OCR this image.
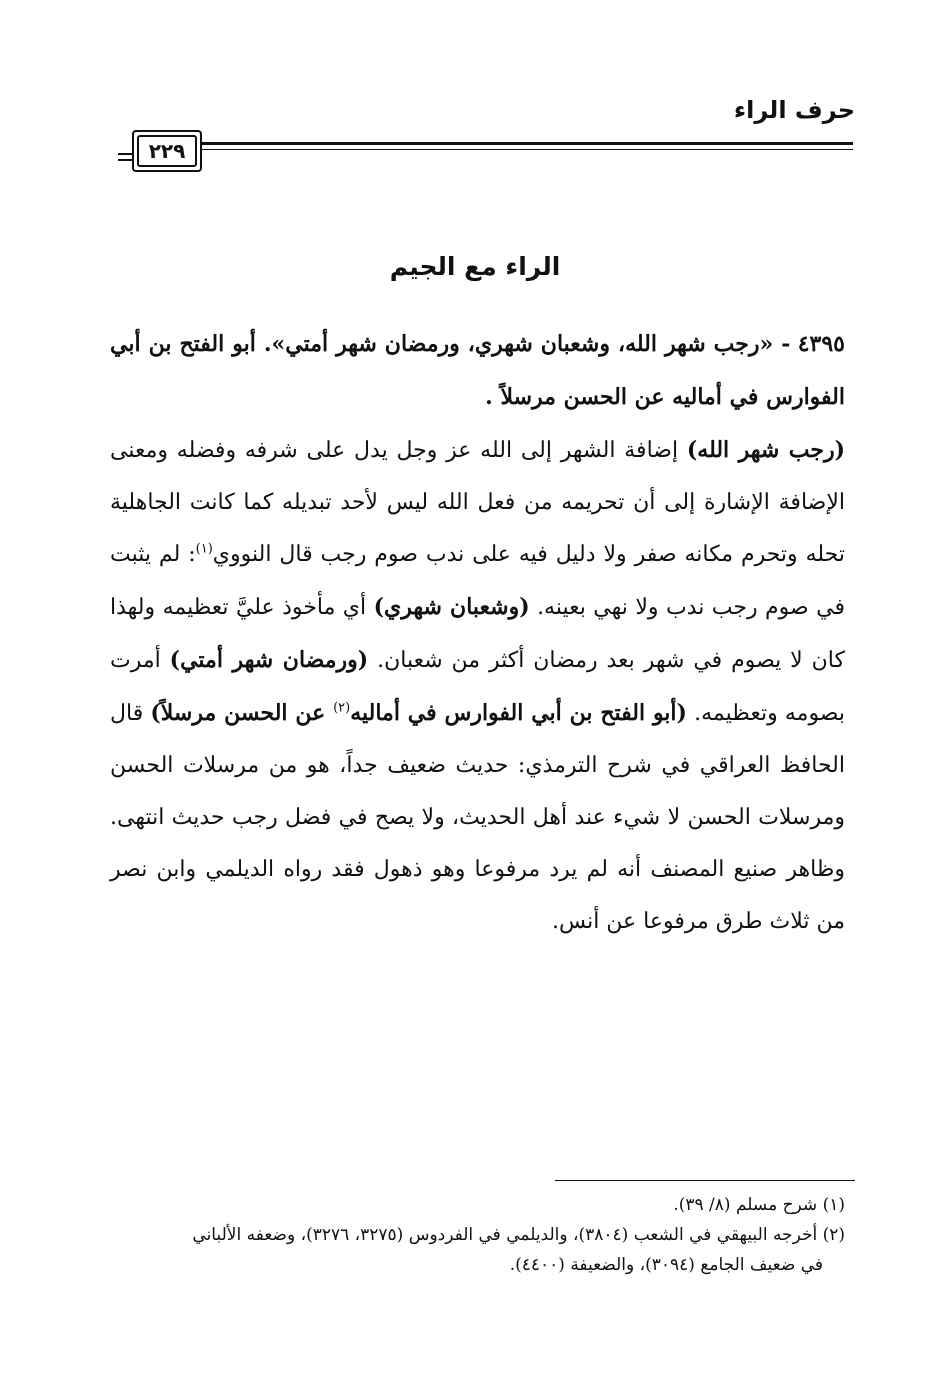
حرف الراء
٢٢٩
الراء مع الجيم

٤٣٩٥ - «رجب شهر الله، وشعبان شهري، ورمضان شهر أمتي». أبو الفتح بن أبي الفوارس في أماليه عن الحسن مرسلاً .

(رجب شهر الله) إضافة الشهر إلى الله عز وجل يدل على شرفه وفضله ومعنى الإضافة الإشارة إلى أن تحريمه من فعل الله ليس لأحد تبديله كما كانت الجاهلية تحله وتحرم مكانه صفر ولا دليل فيه على ندب صوم رجب قال النووي$^{(١)}$: لم يثبت في صوم رجب ندب ولا نهي بعينه. (وشعبان شهري) أي مأخوذ عليَّ تعظيمه ولهذا كان لا يصوم في شهر بعد رمضان أكثر من شعبان. (ورمضان شهر أمتي) أمرت بصومه وتعظيمه. (أبو الفتح بن أبي الفوارس في أماليه$^{(٢)}$ عن الحسن مرسلاً) قال الحافظ العراقي في شرح الترمذي: حديث ضعيف جداً، هو من مرسلات الحسن ومرسلات الحسن لا شيء عند أهل الحديث، ولا يصح في فضل رجب حديث انتهى. وظاهر صنيع المصنف أنه لم يرد مرفوعا وهو ذهول فقد رواه الديلمي وابن نصر من ثلاث طرق مرفوعا عن أنس.

(١) شرح مسلم (٨/ ٣٩).

(٢) أخرجه البيهقي في الشعب (٣٨٠٤)، والديلمي في الفردوس (٣٢٧٥، ٣٢٧٦)، وضعفه الألباني

في ضعيف الجامع (٣٠٩٤)، والضعيفة (٤٤٠٠).
